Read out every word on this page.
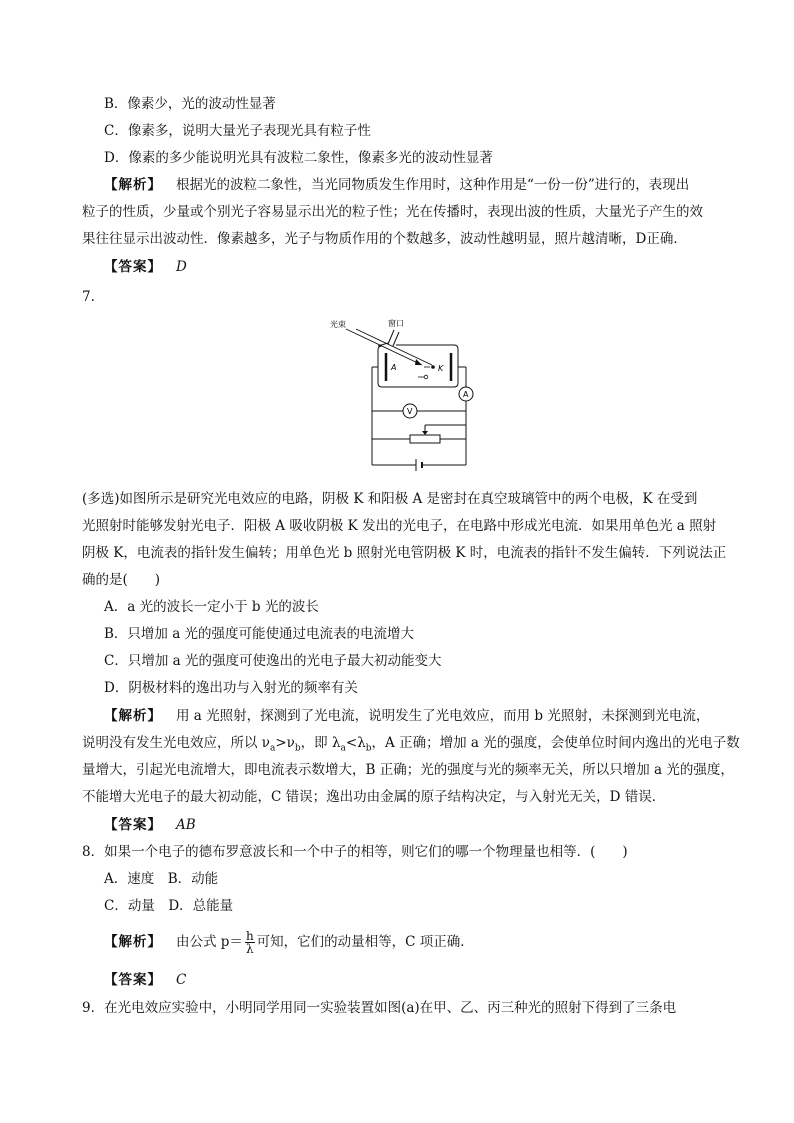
B．像素少，光的波动性显著
C．像素多，说明大量光子表现光具有粒子性
D．像素的多少能说明光具有波粒二象性，像素多光的波动性显著
【解析】 根据光的波粒二象性，当光同物质发生作用时，这种作用是“一份一份”进行的，表现出
粒子的性质，少量或个别光子容易显示出光的粒子性；光在传播时，表现出波的性质，大量光子产生的效
果往往显示出波动性．像素越多，光子与物质作用的个数越多，波动性越明显，照片越清晰，D正确．
【答案】 D
7.
光束	窗口
A	K
A
V
(多选)如图所示是研究光电效应的电路，阴极 K 和阳极 A 是密封在真空玻璃管中的两个电极，K 在受到
光照射时能够发射光电子．阳极 A 吸收阴极 K 发出的光电子，在电路中形成光电流．如果用单色光 a 照射
阴极 K，电流表的指针发生偏转；用单色光 b 照射光电管阴极 K 时，电流表的指针不发生偏转．下列说法正
确的是(　　)
A．a 光的波长一定小于 b 光的波长
B．只增加 a 光的强度可能使通过电流表的电流增大
C．只增加 a 光的强度可使逸出的光电子最大初动能变大
D．阴极材料的逸出功与入射光的频率有关
【解析】 用 a 光照射，探测到了光电流，说明发生了光电效应，而用 b 光照射，未探测到光电流，
说明没有发生光电效应，所以 $\nu_a>\nu_b$，即 $\lambda_a<\lambda_b$，A 正确；增加 a 光的强度，会使单位时间内逸出的光电子数
量增大，引起光电流增大，即电流表示数增大，B 正确；光的强度与光的频率无关，所以只增加 a 光的强度，
不能增大光电子的最大初动能，C 错误；逸出功由金属的原子结构决定，与入射光无关，D 错误．
【答案】 AB
8．如果一个电子的德布罗意波长和一个中子的相等，则它们的哪一个物理量也相等．(　　)
A．速度　B．动能
C．动量　D．总能量
【解析】 由公式 $p= \frac{h}{\lambda}$ 可知，它们的动量相等，C 项正确．
【答案】 C
9．在光电效应实验中，小明同学用同一实验装置如图(a)在甲、乙、丙三种光的照射下得到了三条电
